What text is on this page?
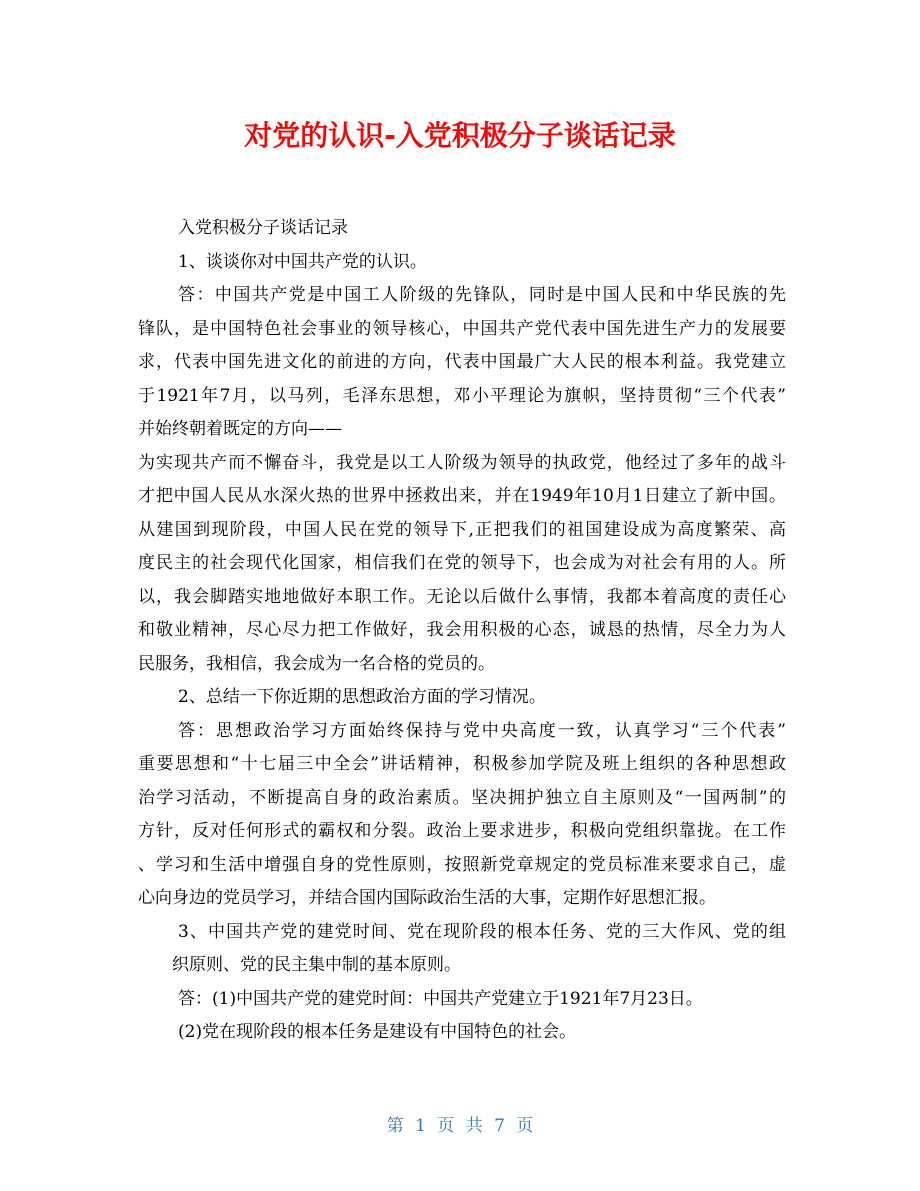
对党的认识-入党积极分子谈话记录
入党积极分子谈话记录
1、谈谈你对中国共产党的认识。
答：中国共产党是中国工人阶级的先锋队，同时是中国人民和中华民族的先
锋队，是中国特色社会事业的领导核心，中国共产党代表中国先进生产力的发展要
求，代表中国先进文化的前进的方向，代表中国最广大人民的根本利益。我党建立
于1921年7月，以马列，毛泽东思想，邓小平理论为旗帜，坚持贯彻“三个代表”
并始终朝着既定的方向——
为实现共产而不懈奋斗，我党是以工人阶级为领导的执政党，他经过了多年的战斗
才把中国人民从水深火热的世界中拯救出来，并在1949年10月1日建立了新中国。
从建国到现阶段，中国人民在党的领导下,正把我们的祖国建设成为高度繁荣、高
度民主的社会现代化国家，相信我们在党的领导下，也会成为对社会有用的人。所
以，我会脚踏实地地做好本职工作。无论以后做什么事情，我都本着高度的责任心
和敬业精神，尽心尽力把工作做好，我会用积极的心态，诚恳的热情，尽全力为人
民服务，我相信，我会成为一名合格的党员的。
2、总结一下你近期的思想政治方面的学习情况。
答：思想政治学习方面始终保持与党中央高度一致，认真学习“三个代表”
重要思想和“十七届三中全会”讲话精神，积极参加学院及班上组织的各种思想政
治学习活动，不断提高自身的政治素质。坚决拥护独立自主原则及“一国两制”的
方针，反对任何形式的霸权和分裂。政治上要求进步，积极向党组织靠拢。在工作
、学习和生活中增强自身的党性原则，按照新党章规定的党员标准来要求自己，虚
心向身边的党员学习，并结合国内国际政治生活的大事，定期作好思想汇报。
3、中国共产党的建党时间、党在现阶段的根本任务、党的三大作风、党的组
织原则、党的民主集中制的基本原则。
答：(1)中国共产党的建党时间：中国共产党建立于1921年7月23日。
(2)党在现阶段的根本任务是建设有中国特色的社会。
第 1 页 共 7 页
